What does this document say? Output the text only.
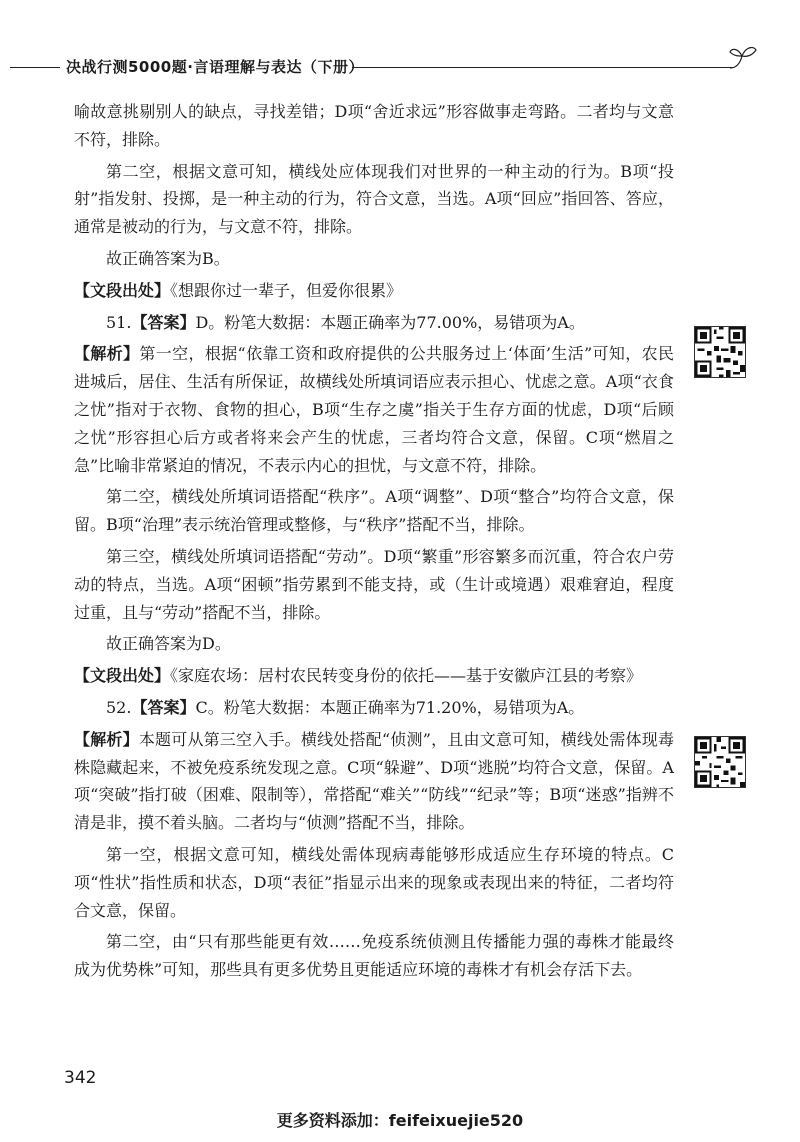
决战行测5000题·言语理解与表达（下册）

喻故意挑剔别人的缺点，寻找差错；D项“舍近求远”形容做事走弯路。二者均与文意不符，排除。

第二空，根据文意可知，横线处应体现我们对世界的一种主动的行为。B项“投射”指发射、投掷，是一种主动的行为，符合文意，当选。A项“回应”指回答、答应，通常是被动的行为，与文意不符，排除。

故正确答案为B。

【文段出处】《想跟你过一辈子，但爱你很累》

51.【答案】D。粉笔大数据：本题正确率为77.00%，易错项为A。

【解析】第一空，根据“依靠工资和政府提供的公共服务过上‘体面’生活”可知，农民进城后，居住、生活有所保证，故横线处所填词语应表示担心、忧虑之意。A项“衣食之忧”指对于衣物、食物的担心，B项“生存之虞”指关于生存方面的忧虑，D项“后顾之忧”形容担心后方或者将来会产生的忧虑，三者均符合文意，保留。C项“燃眉之急”比喻非常紧迫的情况，不表示内心的担忧，与文意不符，排除。

第二空，横线处所填词语搭配“秩序”。A项“调整”、D项“整合”均符合文意，保留。B项“治理”表示统治管理或整修，与“秩序”搭配不当，排除。

第三空，横线处所填词语搭配“劳动”。D项“繁重”形容繁多而沉重，符合农户劳动的特点，当选。A项“困顿”指劳累到不能支持，或（生计或境遇）艰难窘迫，程度过重，且与“劳动”搭配不当，排除。

故正确答案为D。

【文段出处】《家庭农场：居村农民转变身份的依托——基于安徽庐江县的考察》

52.【答案】C。粉笔大数据：本题正确率为71.20%，易错项为A。

【解析】本题可从第三空入手。横线处搭配“侦测”，且由文意可知，横线处需体现毒株隐藏起来，不被免疫系统发现之意。C项“躲避”、D项“逃脱”均符合文意，保留。A项“突破”指打破（困难、限制等），常搭配“难关”“防线”“纪录”等；B项“迷惑”指辨不清是非，摸不着头脑。二者均与“侦测”搭配不当，排除。

第一空，根据文意可知，横线处需体现病毒能够形成适应生存环境的特点。C项“性状”指性质和状态，D项“表征”指显示出来的现象或表现出来的特征，二者均符合文意，保留。

第二空，由“只有那些能更有效……免疫系统侦测且传播能力强的毒株才能最终成为优势株”可知，那些具有更多优势且更能适应环境的毒株才有机会存活下去。

342
更多资料添加：feifeixuejie520
